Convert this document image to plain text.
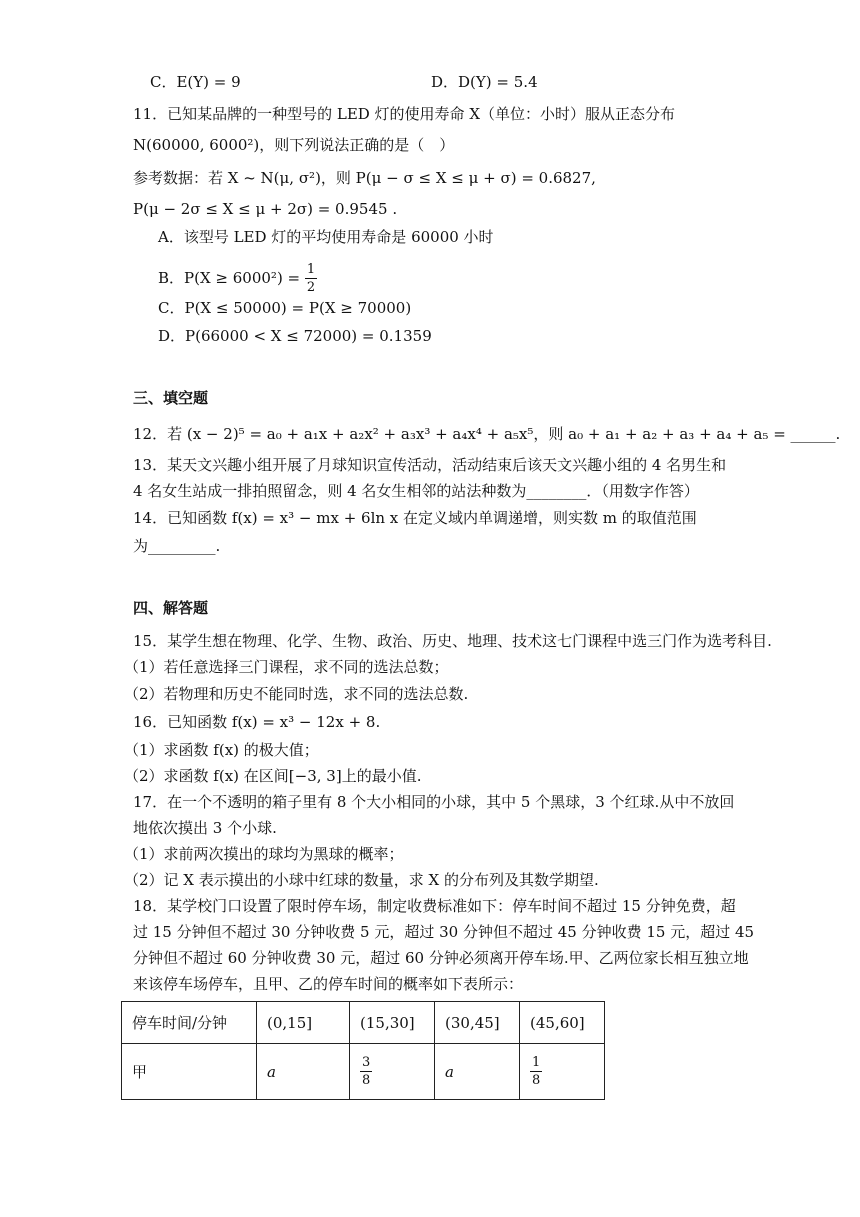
C．E(Y) = 9	D．D(Y) = 5.4
11．已知某品牌的一种型号的 LED 灯的使用寿命 X（单位：小时）服从正态分布
N(60000, 6000²)，则下列说法正确的是（　）
参考数据：若 X ~ N(μ, σ²)，则 P(μ − σ ≤ X ≤ μ + σ) = 0.6827,
P(μ − 2σ ≤ X ≤ μ + 2σ) = 0.9545 .
A．该型号 LED 灯的平均使用寿命是 60000 小时
B．P(X ≥ 6000²) =
$\frac{1}{2}$
C．P(X ≤ 50000) = P(X ≥ 70000)
D．P(66000 < X ≤ 72000) = 0.1359
三、填空题
12．若 (x − 2)⁵ = a₀ + a₁x + a₂x² + a₃x³ + a₄x⁴ + a₅x⁵，则 a₀ + a₁ + a₂ + a₃ + a₄ + a₅ = ______.
13．某天文兴趣小组开展了月球知识宣传活动，活动结束后该天文兴趣小组的 4 名男生和
4 名女生站成一排拍照留念，则 4 名女生相邻的站法种数为________．（用数字作答）
14．已知函数 f(x) = x³ − mx + 6ln x 在定义域内单调递增，则实数 m 的取值范围
为_________.
四、解答题
15．某学生想在物理、化学、生物、政治、历史、地理、技术这七门课程中选三门作为选考科目.
（1）若任意选择三门课程，求不同的选法总数；
（2）若物理和历史不能同时选，求不同的选法总数.
16．已知函数 f(x) = x³ − 12x + 8.
（1）求函数 f(x) 的极大值；
（2）求函数 f(x) 在区间[−3, 3]上的最小值.
17．在一个不透明的箱子里有 8 个大小相同的小球，其中 5 个黑球，3 个红球.从中不放回
地依次摸出 3 个小球.
（1）求前两次摸出的球均为黑球的概率；
（2）记 X 表示摸出的小球中红球的数量，求 X 的分布列及其数学期望.
18．某学校门口设置了限时停车场，制定收费标准如下：停车时间不超过 15 分钟免费，超
过 15 分钟但不超过 30 分钟收费 5 元，超过 30 分钟但不超过 45 分钟收费 15 元，超过 45
分钟但不超过 60 分钟收费 30 元，超过 60 分钟必须离开停车场.甲、乙两位家长相互独立地
来该停车场停车，且甲、乙的停车时间的概率如下表所示：
停车时间/分钟	(0,15]	(15,30]	(30,45]	(45,60]
甲	a	$\frac{3}{8}$	a	$\frac{1}{8}$
